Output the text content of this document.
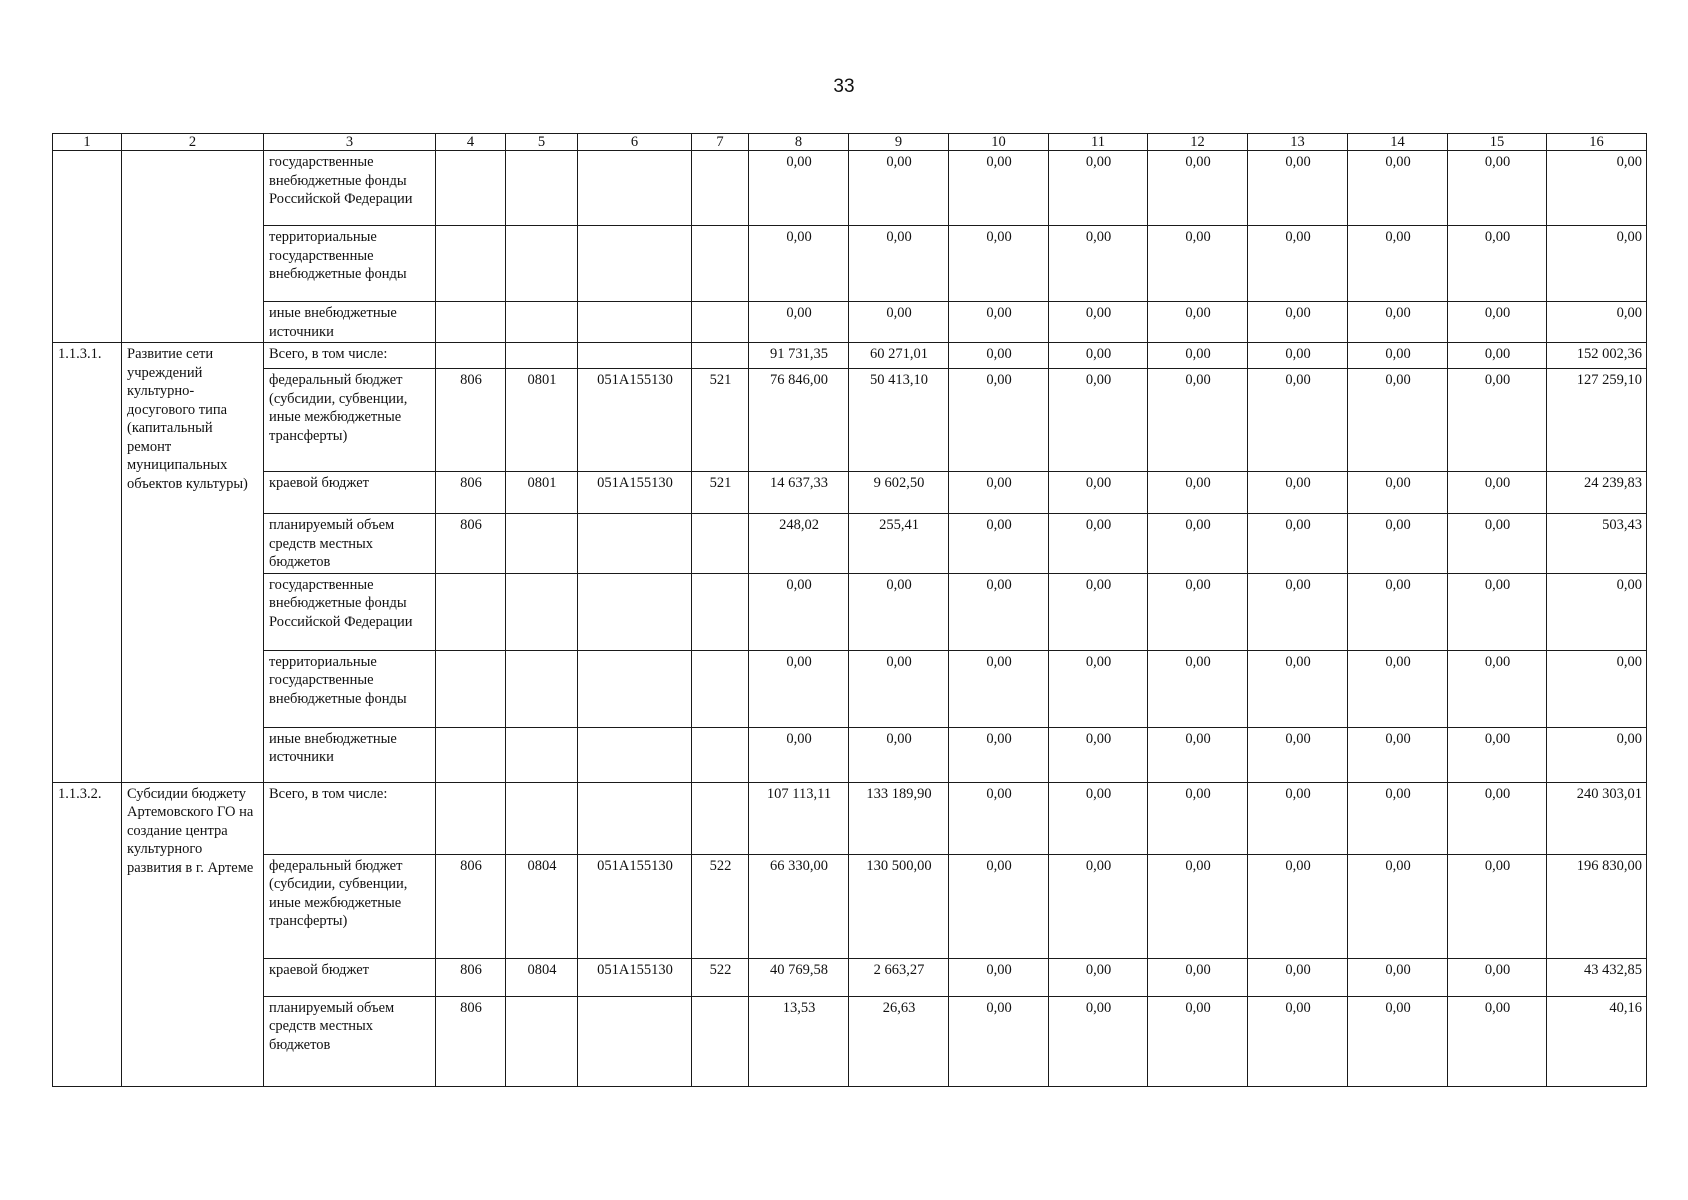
33
1	2	3	4	5	6	7	8	9	10	11	12	13	14	15	16
		государственные внебюджетные фонды Российской Федерации					0,00	0,00	0,00	0,00	0,00	0,00	0,00	0,00	0,00
		территориальные государственные внебюджетные фонды					0,00	0,00	0,00	0,00	0,00	0,00	0,00	0,00	0,00
		иные внебюджетные источники					0,00	0,00	0,00	0,00	0,00	0,00	0,00	0,00	0,00
1.1.3.1.	Развитие сети учреждений культурно-досугового типа (капитальный ремонт муниципальных объектов культуры)	Всего, в том числе:					91 731,35	60 271,01	0,00	0,00	0,00	0,00	0,00	0,00	152 002,36
		федеральный бюджет (субсидии, субвенции, иные межбюджетные трансферты)	806	0801	051А155130	521	76 846,00	50 413,10	0,00	0,00	0,00	0,00	0,00	0,00	127 259,10
		краевой бюджет	806	0801	051А155130	521	14 637,33	9 602,50	0,00	0,00	0,00	0,00	0,00	0,00	24 239,83
		планируемый объем средств местных бюджетов	806				248,02	255,41	0,00	0,00	0,00	0,00	0,00	0,00	503,43
		государственные внебюджетные фонды Российской Федерации					0,00	0,00	0,00	0,00	0,00	0,00	0,00	0,00	0,00
		территориальные государственные внебюджетные фонды					0,00	0,00	0,00	0,00	0,00	0,00	0,00	0,00	0,00
		иные внебюджетные источники					0,00	0,00	0,00	0,00	0,00	0,00	0,00	0,00	0,00
1.1.3.2.	Субсидии бюджету Артемовского ГО на создание центра культурного развития в г. Артеме	Всего, в том числе:					107 113,11	133 189,90	0,00	0,00	0,00	0,00	0,00	0,00	240 303,01
		федеральный бюджет (субсидии, субвенции, иные межбюджетные трансферты)	806	0804	051А155130	522	66 330,00	130 500,00	0,00	0,00	0,00	0,00	0,00	0,00	196 830,00
		краевой бюджет	806	0804	051А155130	522	40 769,58	2 663,27	0,00	0,00	0,00	0,00	0,00	0,00	43 432,85
		планируемый объем средств местных бюджетов	806				13,53	26,63	0,00	0,00	0,00	0,00	0,00	0,00	40,16
